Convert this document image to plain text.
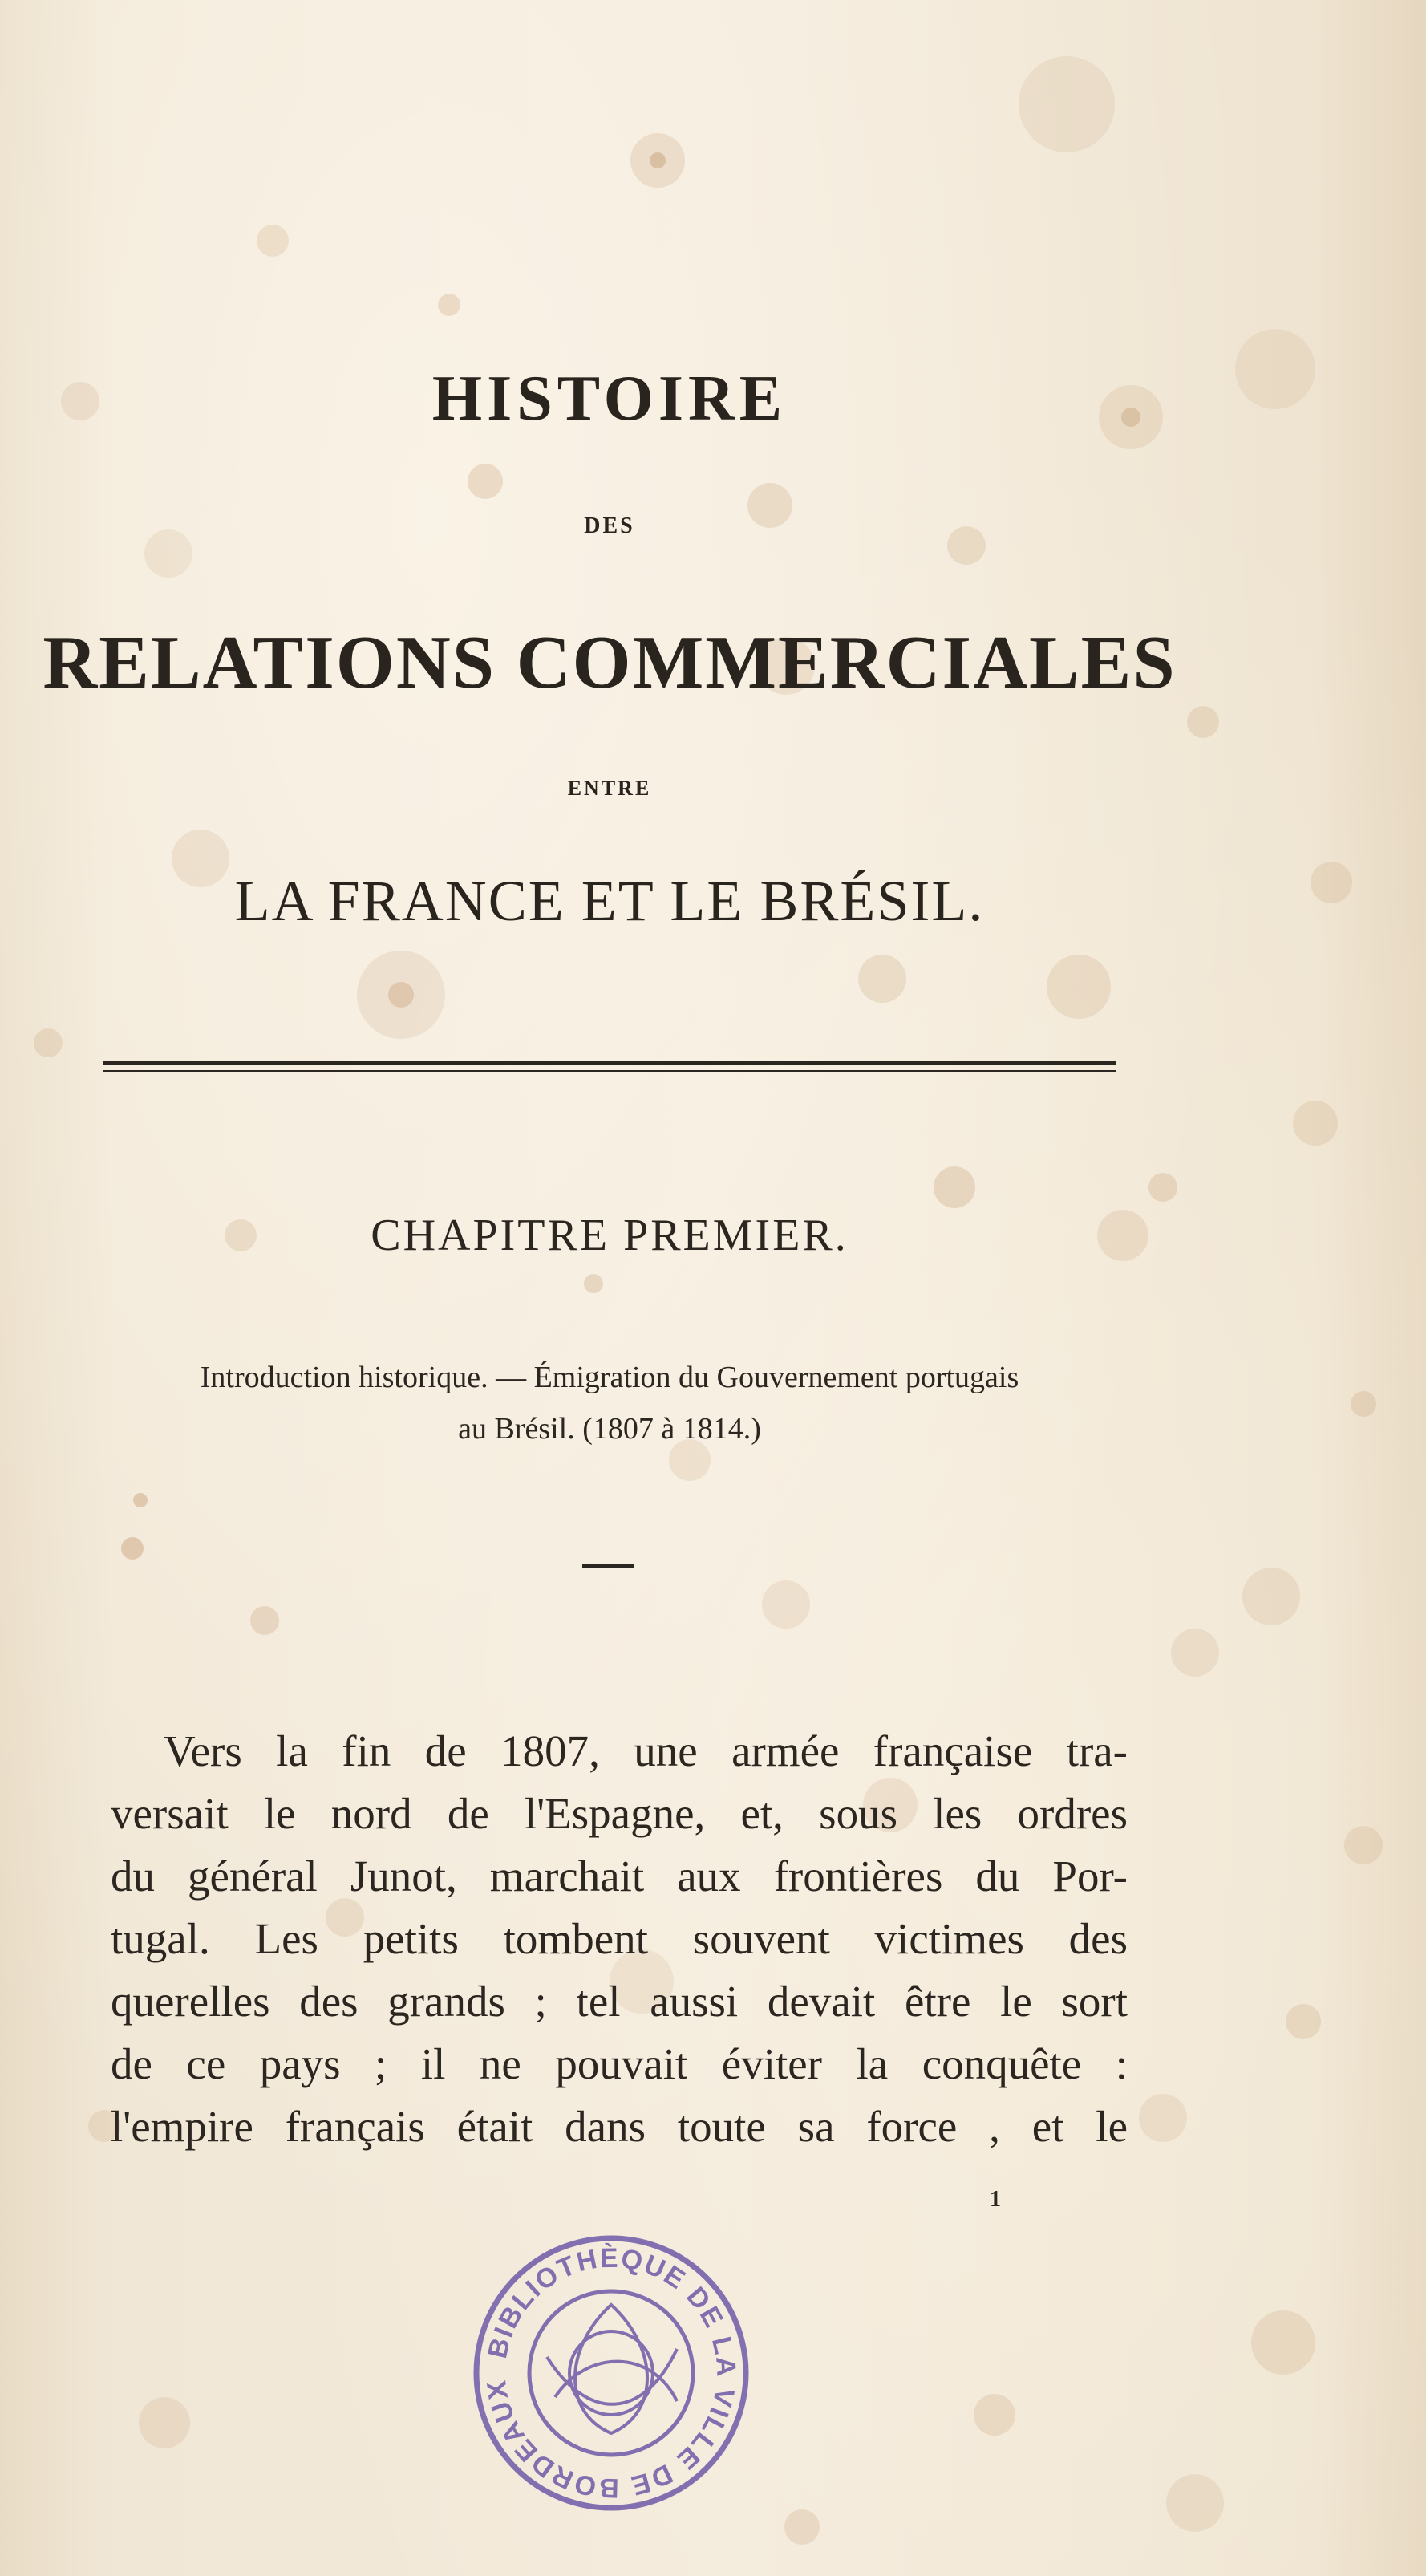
HISTOIRE
DES
RELATIONS COMMERCIALES
ENTRE
LA FRANCE ET LE BRÉSIL.
CHAPITRE PREMIER.
Introduction historique. — Émigration du Gouvernement portugais
au Brésil. (1807 à 1814.)
Vers la fin de 1807, une armée française tra-
versait le nord de l'Espagne, et, sous les ordres
du général Junot, marchait aux frontières du Por-
tugal. Les petits tombent souvent victimes des
querelles des grands ; tel aussi devait être le sort
de ce pays ; il ne pouvait éviter la conquête :
l'empire français était dans toute sa force , et le
1
BIBLIOTHÈQUE DE LA VILLE DE BORDEAUX
